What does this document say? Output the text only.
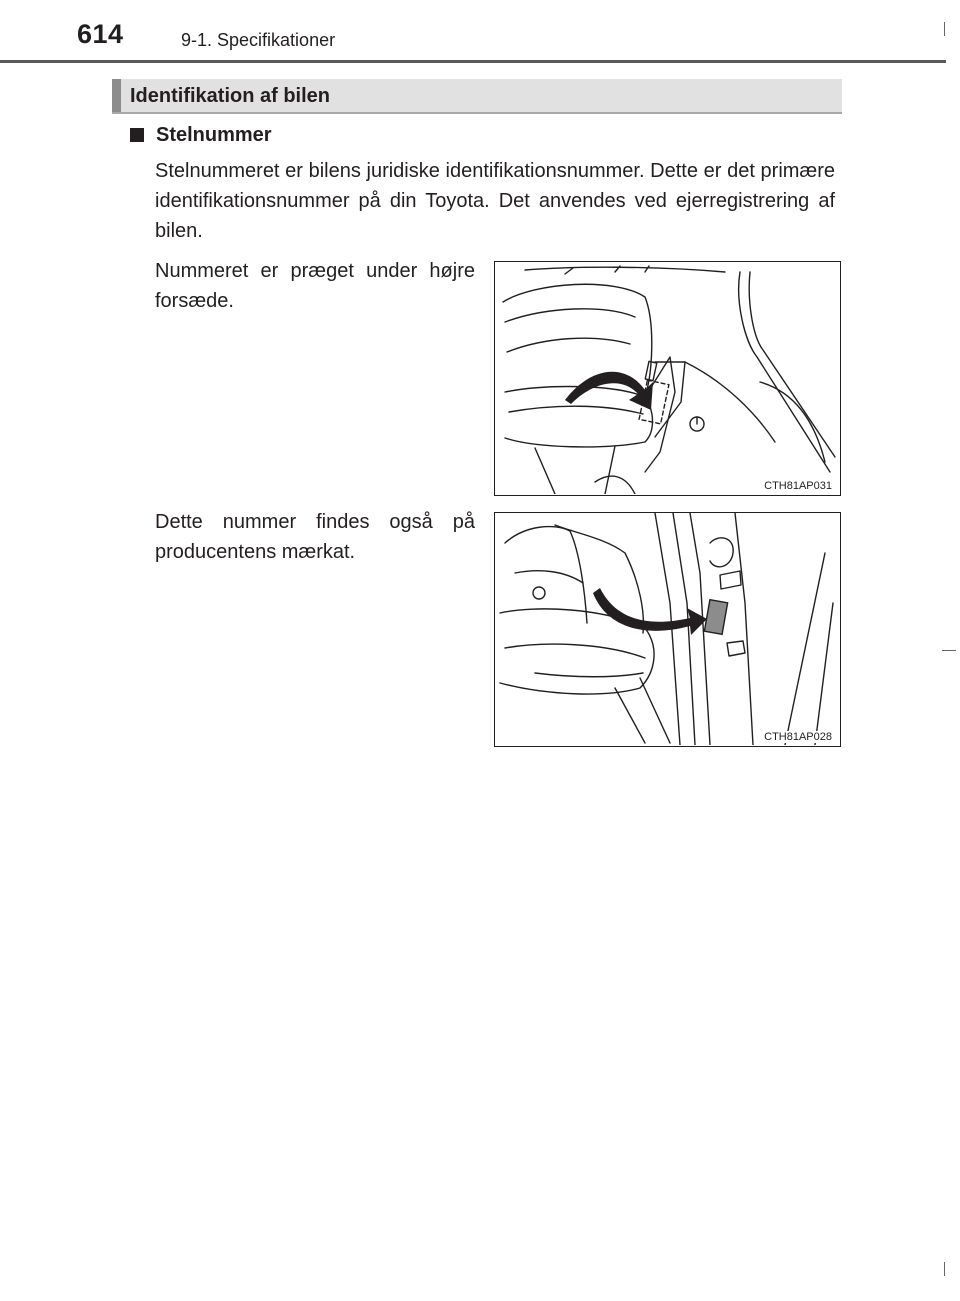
614	9-1. Specifikationer
Identifikation af bilen
Stelnummer
Stelnummeret er bilens juridiske identifikationsnummer. Dette er det primære identifikationsnummer på din Toyota. Det anvendes ved ejerregistrering af bilen.
Nummeret er præget under højre forsæde.
CTH81AP031
Dette nummer findes også på producentens mærkat.
CTH81AP028
